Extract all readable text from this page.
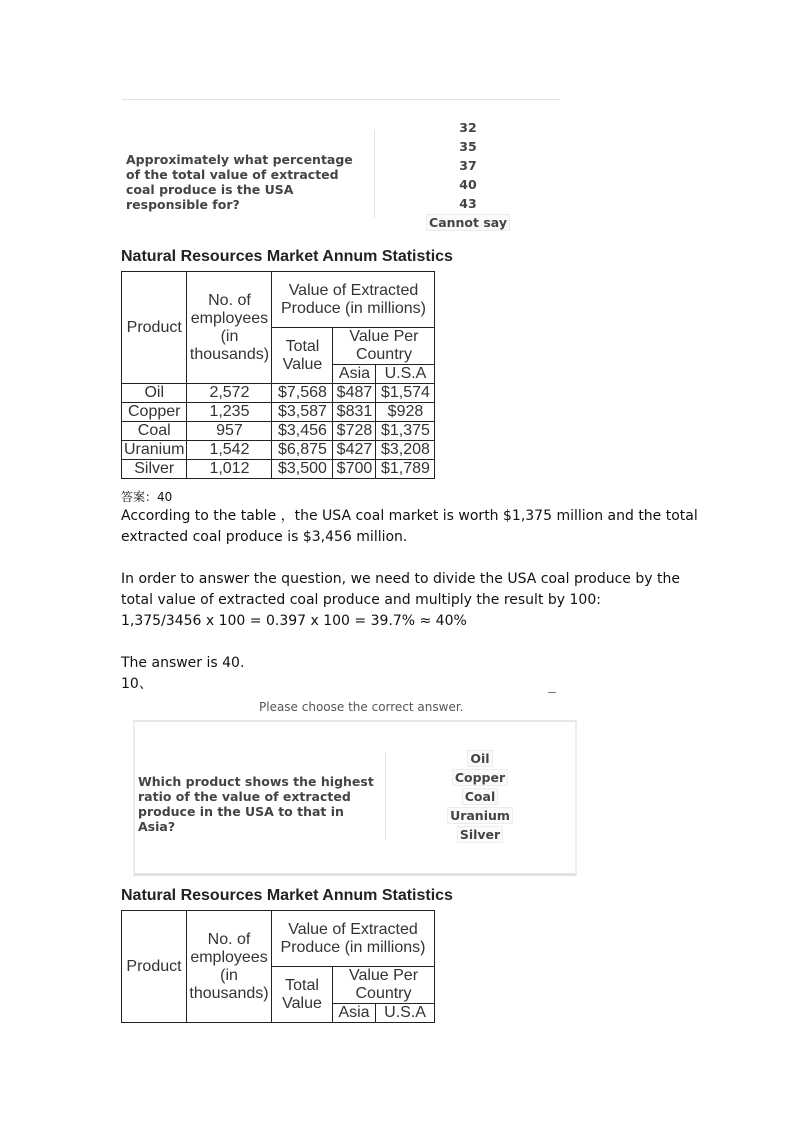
Approximately what percentage of the total value of extracted coal produce is the USA responsible for?
32
35
37
40
43
Cannot say
Natural Resources Market Annum Statistics
Product	No. of employees (in thousands)	Value of Extracted Produce (in millions)		
		Total Value	Value Per Country	
			Asia	U.S.A
Oil	2,572	$7,568	$487	$1,574
Copper	1,235	$3,587	$831	$928
Coal	957	$3,456	$728	$1,375
Uranium	1,542	$6,875	$427	$3,208
Silver	1,012	$3,500	$700	$1,789
答案：40
According to the table ，the USA coal market is worth $1,375 million and the total extracted coal produce is $3,456 million.
In order to answer the question, we need to divide the USA coal produce by the total value of extracted coal produce and multiply the result by 100:
1,375/3456 x 100 = 0.397 x 100 = 39.7% ≈ 40%
The answer is 40.
10、
Please choose the correct answer.
Which product shows the highest ratio of the value of extracted produce in the USA to that in Asia?
Oil
Copper
Coal
Uranium
Silver
Natural Resources Market Annum Statistics
Product	No. of employees (in thousands)	Value of Extracted Produce (in millions)		
		Total Value	Value Per Country	
			Asia	U.S.A
